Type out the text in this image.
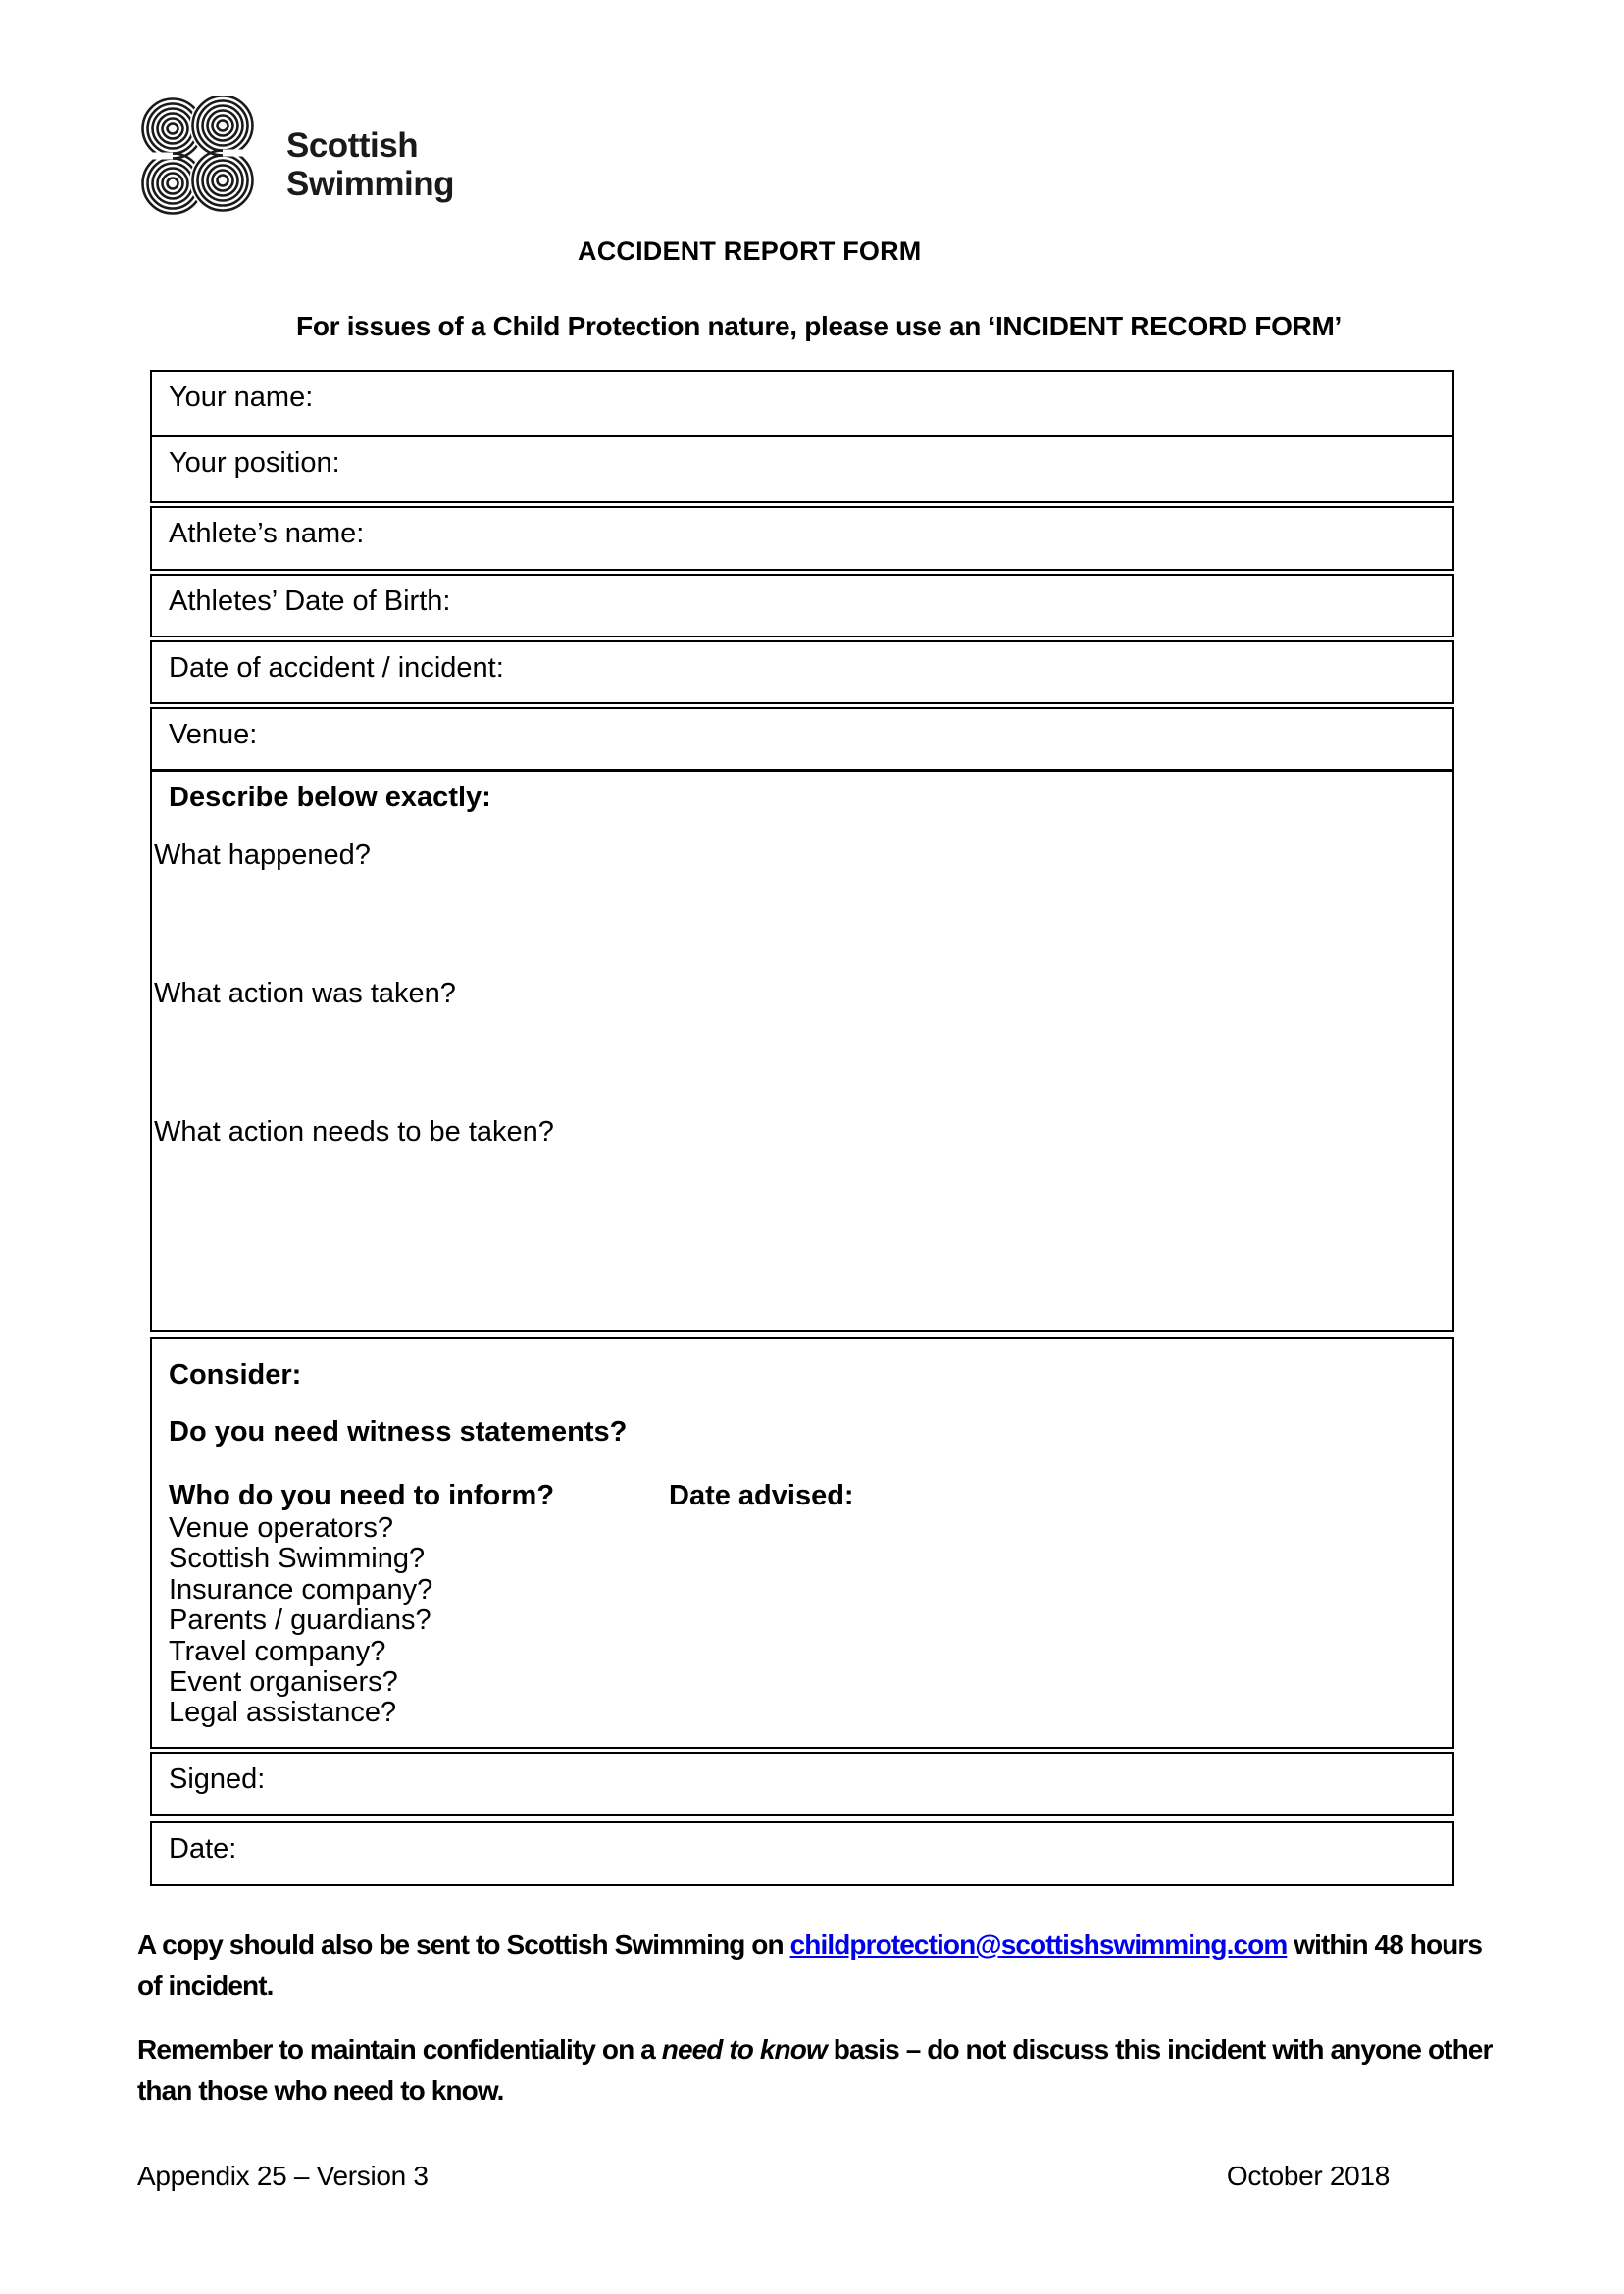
Scottish
Swimming
ACCIDENT REPORT FORM
For issues of a Child Protection nature, please use an ‘INCIDENT RECORD FORM’
Your name:
Your position:
Athlete’s name:
Athletes’ Date of Birth:
Date of accident / incident:
Venue:
Describe below exactly:
What happened?
What action was taken?
What action needs to be taken?
Consider:
Do you need witness statements?
Who do you need to inform?	Date advised:
Venue operators?
Scottish Swimming?
Insurance company?
Parents / guardians?
Travel company?
Event organisers?
Legal assistance?
Signed:
Date:

A copy should also be sent to Scottish Swimming on childprotection@scottishswimming.com within 48 hours of incident.

Remember to maintain confidentiality on a need to know basis – do not discuss this incident with anyone other than those who need to know.

Appendix 25 – Version 3	October 2018
